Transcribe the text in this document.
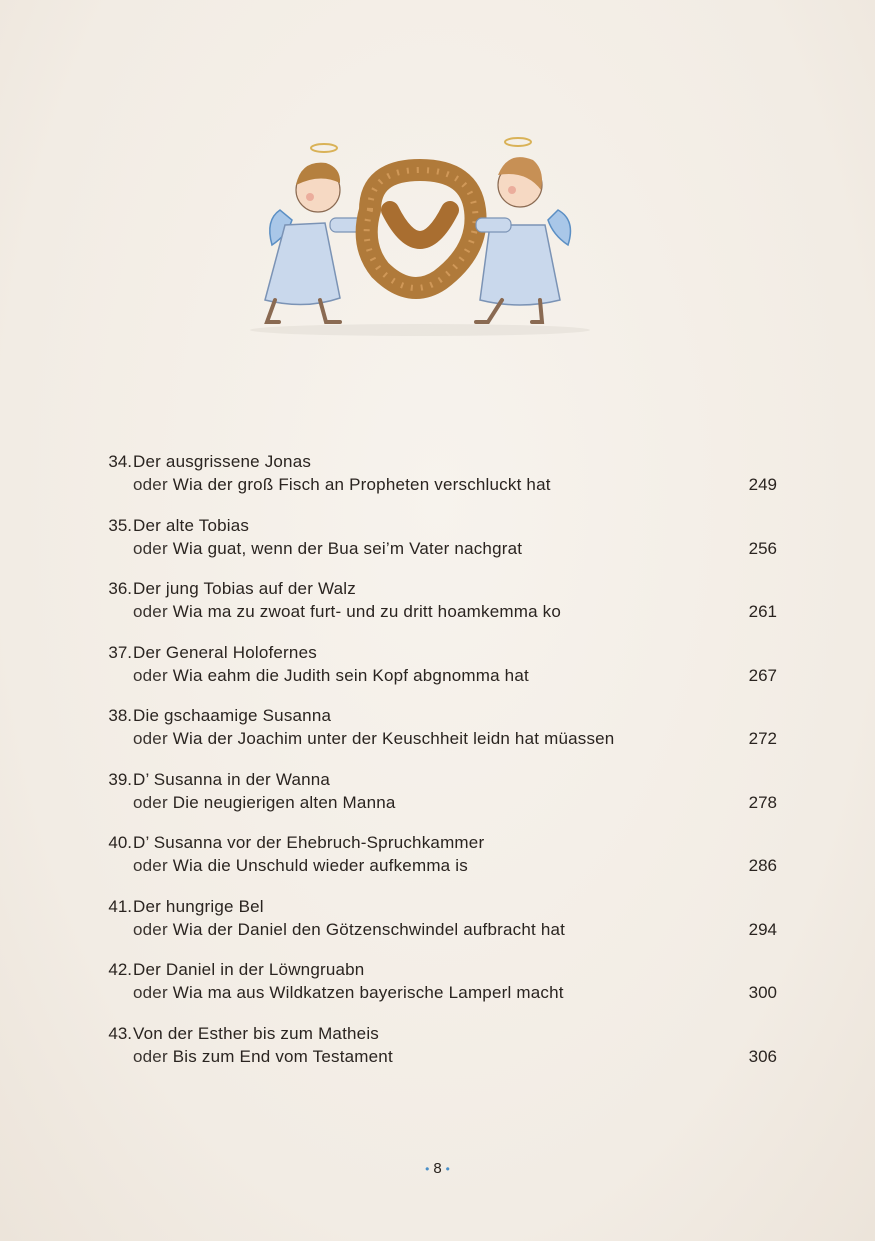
34. Der ausgrissene Jonas
oder Wia der groß Fisch an Propheten verschluckt hat	249
35. Der alte Tobias
oder Wia guat, wenn der Bua sei’m Vater nachgrat	256
36. Der jung Tobias auf der Walz
oder Wia ma zu zwoat furt- und zu dritt hoamkemma ko	261
37. Der General Holofernes
oder Wia eahm die Judith sein Kopf abgnomma hat	267
38. Die gschaamige Susanna
oder Wia der Joachim unter der Keuschheit leidn hat müassen	272
39. D’ Susanna in der Wanna
oder Die neugierigen alten Manna	278
40. D’ Susanna vor der Ehebruch-Spruchkammer
oder Wia die Unschuld wieder aufkemma is	286
41. Der hungrige Bel
oder Wia der Daniel den Götzenschwindel aufbracht hat	294
42. Der Daniel in der Löwngruabn
oder Wia ma aus Wildkatzen bayerische Lamperl macht	300
43. Von der Esther bis zum Matheis
oder Bis zum End vom Testament	306
• 8 •
